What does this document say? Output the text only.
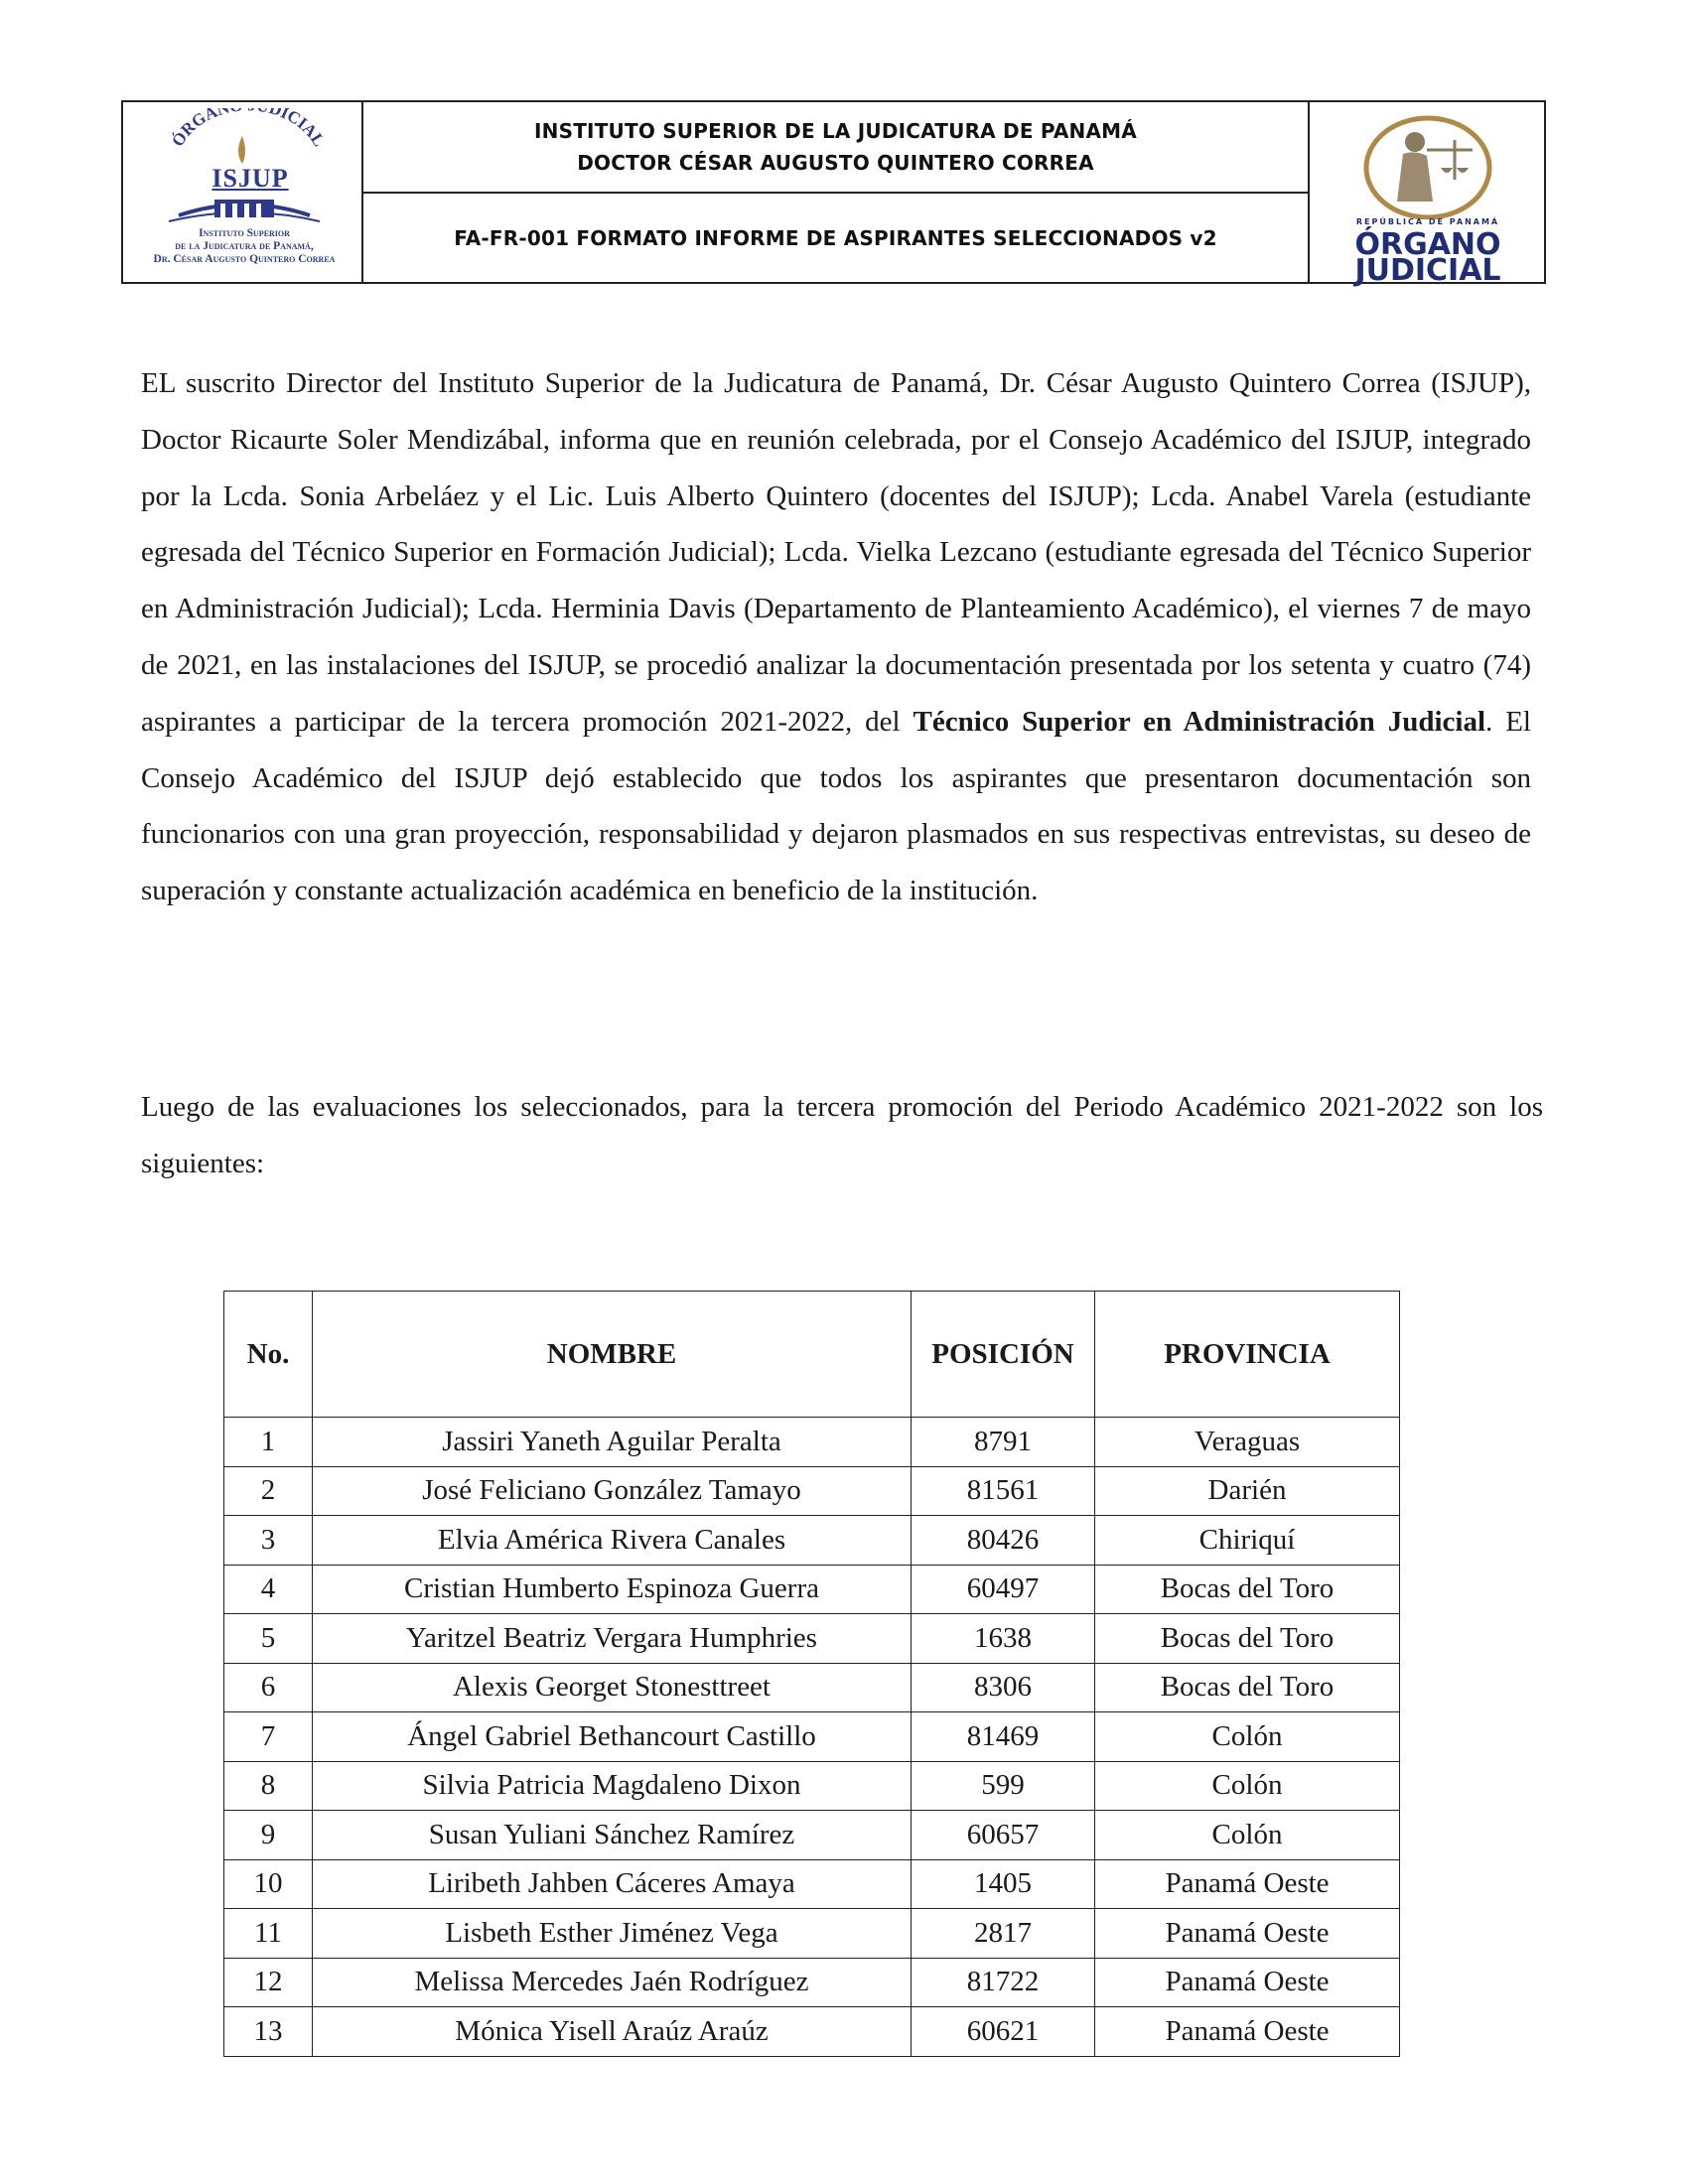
ÓRGAN DICIAL
ISJUP
Instituto Superior
de la Judicatura de Panamá,
Dr. César Augusto Quintero Correa
INSTITUTO SUPERIOR DE LA JUDICATURA DE PANAMÁ
DOCTOR CÉSAR AUGUSTO QUINTERO CORREA
FA-FR-001 FORMATO INFORME DE ASPIRANTES SELECCIONADOS v2
REPÚBLICA DE PANAMÁ
ÓRGANO
JUDICIAL
EL suscrito Director del Instituto Superior de la Judicatura de Panamá, Dr. César Augusto Quintero Correa (ISJUP), Doctor Ricaurte Soler Mendizábal, informa que en reunión celebrada, por el Consejo Académico del ISJUP, integrado por la Lcda. Sonia Arbeláez y el Lic. Luis Alberto Quintero (docentes del ISJUP); Lcda. Anabel Varela (estudiante egresada del Técnico Superior en Formación Judicial); Lcda. Vielka Lezcano (estudiante egresada del Técnico Superior en Administración Judicial); Lcda. Herminia Davis (Departamento de Planteamiento Académico), el viernes 7 de mayo de 2021, en las instalaciones del ISJUP, se procedió analizar la documentación presentada por los setenta y cuatro (74) aspirantes a participar de la tercera promoción 2021-2022, del Técnico Superior en Administración Judicial. El Consejo Académico del ISJUP dejó establecido que todos los aspirantes que presentaron documentación son funcionarios con una gran proyección, responsabilidad y dejaron plasmados en sus respectivas entrevistas, su deseo de superación y constante actualización académica en beneficio de la institución.
Luego de las evaluaciones los seleccionados, para la tercera promoción del Periodo Académico 2021-2022 son los siguientes:
No.	NOMBRE	POSICIÓN	PROVINCIA
1	Jassiri Yaneth Aguilar Peralta	8791	Veraguas
2	José Feliciano González Tamayo	81561	Darién
3	Elvia América Rivera Canales	80426	Chiriquí
4	Cristian Humberto Espinoza Guerra	60497	Bocas del Toro
5	Yaritzel Beatriz Vergara Humphries	1638	Bocas del Toro
6	Alexis Georget Stonesttreet	8306	Bocas del Toro
7	Ángel Gabriel Bethancourt Castillo	81469	Colón
8	Silvia Patricia Magdaleno Dixon	599	Colón
9	Susan Yuliani Sánchez Ramírez	60657	Colón
10	Liribeth Jahben Cáceres Amaya	1405	Panamá Oeste
11	Lisbeth Esther Jiménez Vega	2817	Panamá Oeste
12	Melissa Mercedes Jaén Rodríguez	81722	Panamá Oeste
13	Mónica Yisell Araúz Araúz	60621	Panamá Oeste
